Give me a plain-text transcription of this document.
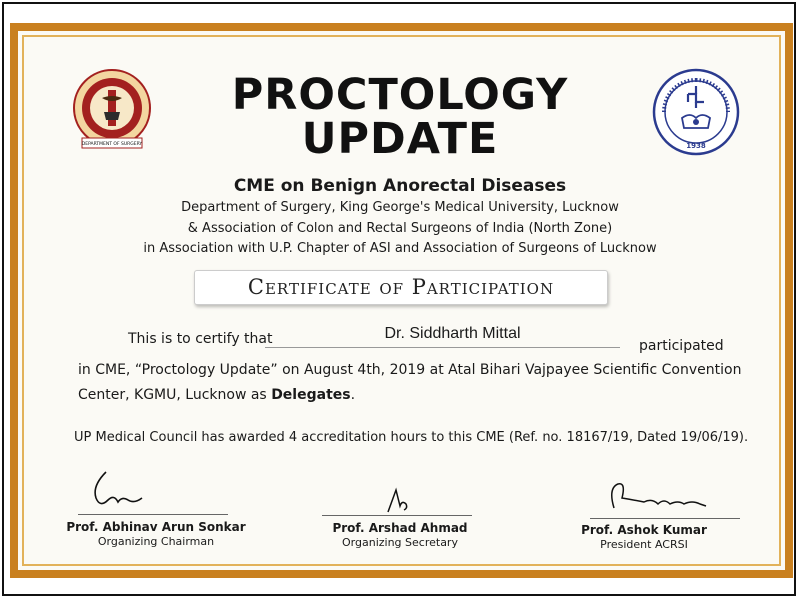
DEPARTMENT OF SURGERY	1938
PROCTOLOGY
UPDATE
CME on Benign Anorectal Diseases
Department of Surgery, King George's Medical University, Lucknow
& Association of Colon and Rectal Surgeons of India (North Zone)
in Association with U.P. Chapter of ASI and Association of Surgeons of Lucknow
Certificate of Participation
This is to certify that	Dr. Siddharth Mittal
participated
in CME, “Proctology Update” on August 4th, 2019 at Atal Bihari Vajpayee Scientific Convention
Center, KGMU, Lucknow as Delegates.
UP Medical Council has awarded 4 accreditation hours to this CME (Ref. no. 18167/19, Dated 19/06/19).
Prof. Abhinav Arun Sonkar
Organizing Chairman
Prof. Arshad Ahmad
Organizing Secretary
Prof. Ashok Kumar
President ACRSI
